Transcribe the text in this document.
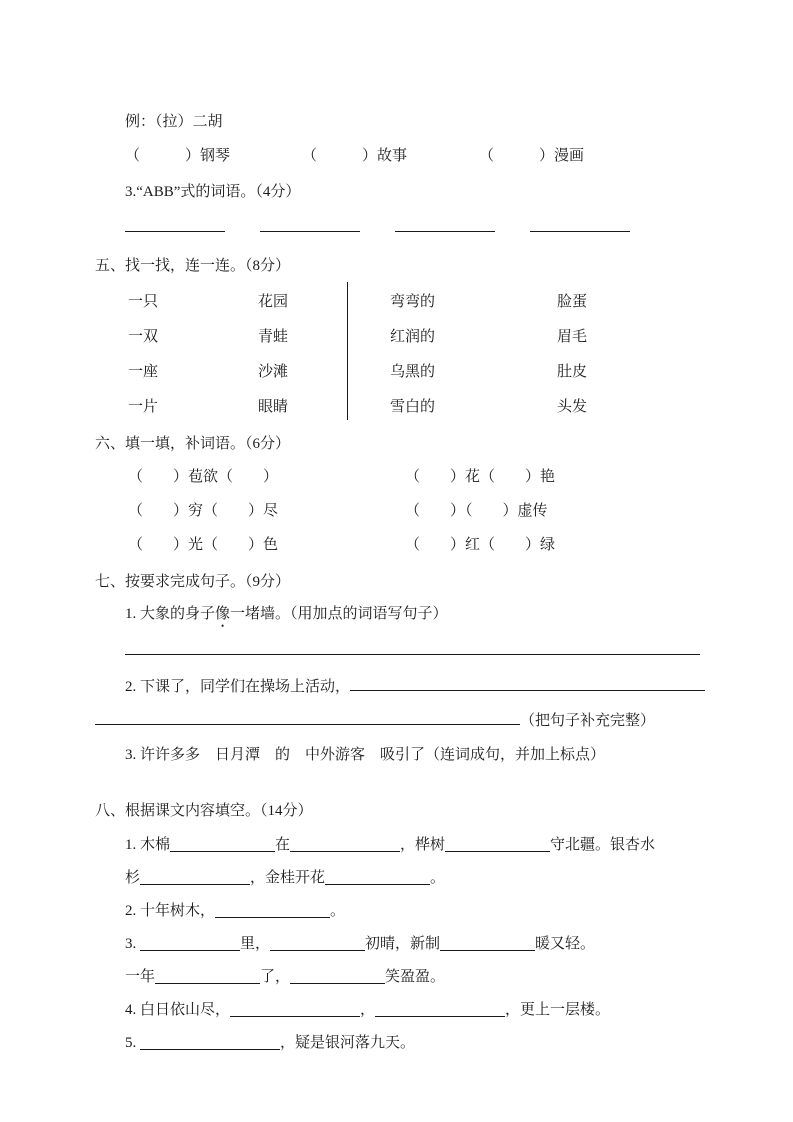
例：（拉）二胡
（　　　）钢琴	（　　　）故事	（　　　）漫画
3.“ABB”式的词语。（4分）
五、找一找，连一连。（8分）
一只	花园	弯弯的	脸蛋
一双	青蛙	红润的	眉毛
一座	沙滩	乌黑的	肚皮
一片	眼睛	雪白的	头发
六、填一填，补词语。（6分）
（　　）苞欲（　　）	（　　）花（　　）艳
（　　）穷（　　）尽	（　　）（　　）虚传
（　　）光（　　）色	（　　）红（　　）绿
七、按要求完成句子。（9分）
1. 大象的身子像一堵墙。（用加点的词语写句子）
2. 下课了，同学们在操场上活动，
（把句子补充完整）
3. 许许多多　日月潭　的　中外游客　吸引了（连词成句，并加上标点）
八、根据课文内容填空。（14分）
1. 木棉	在	，桦树	守北疆。银杏水
杉	，金桂开花	。
2. 十年树木，	。
3.	里，	初晴，新制	暖又轻。
一年	了，	笑盈盈。
4. 白日依山尽，	，	，更上一层楼。
5.	，疑是银河落九天。
